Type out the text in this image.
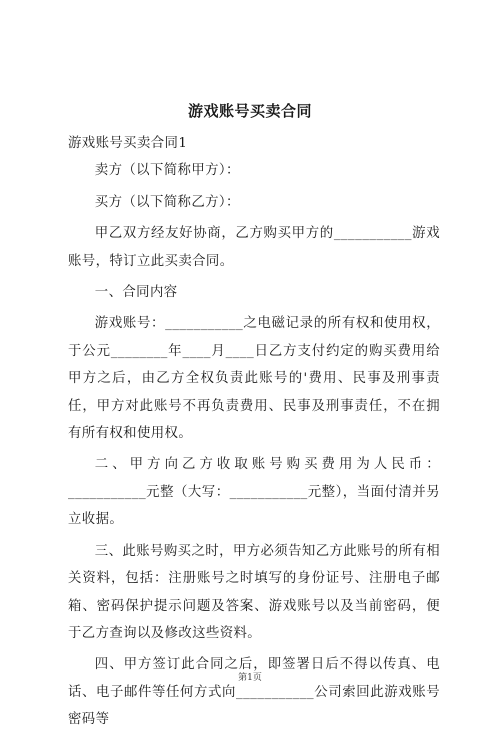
游戏账号买卖合同

游戏账号买卖合同1

卖方（以下简称甲方）：

买方（以下简称乙方）：

甲乙双方经友好协商，乙方购买甲方的___________游戏账号，特订立此买卖合同。

一、合同内容

游戏账号：___________之电磁记录的所有权和使用权，于公元________年____月____日乙方支付约定的购买费用给甲方之后，由乙方全权负责此账号的'费用、民事及刑事责任，甲方对此账号不再负责费用、民事及刑事责任，不在拥有所有权和使用权。

二、甲方向乙方收取账号购买费用为人民币：___________元整（大写：___________元整），当面付清并另立收据。

三、此账号购买之时，甲方必须告知乙方此账号的所有相关资料，包括：注册账号之时填写的身份证号、注册电子邮箱、密码保护提示问题及答案、游戏账号以及当前密码，便于乙方查询以及修改这些资料。

四、甲方签订此合同之后，即签署日后不得以传真、电话、电子邮件等任何方式向___________公司索回此游戏账号密码等

第1页
